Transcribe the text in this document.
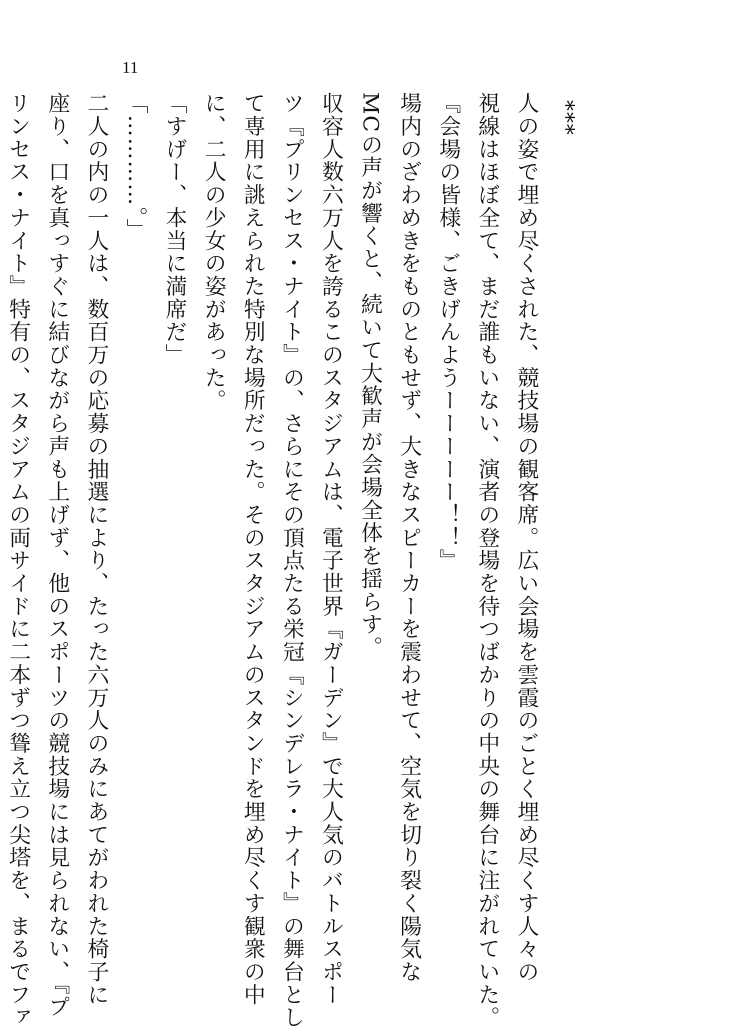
11

***

人の姿で埋め尽くされた、競技場の観客席。広い会場を雲霞のごとく埋め尽くす人々の

視線はほぼ全て、まだ誰もいない、演者の登場を待つばかりの中央の舞台に注がれていた。

『会場の皆様、ごきげんようーーーーー！！』

場内のざわめきをものともせず、大きなスピーカーを震わせて、空気を切り裂く陽気な

MCの声が響くと、続いて大歓声が会場全体を揺らす。

収容人数六万人を誇るこのスタジアムは、電子世界『ガーデン』で大人気のバトルスポー

ツ『プリンセス・ナイト』の、さらにその頂点たる栄冠『シンデレラ・ナイト』の舞台とし

て専用に誂えられた特別な場所だった。そのスタジアムのスタンドを埋め尽くす観衆の中

に、二人の少女の姿があった。

「すげー、本当に満席だ」

「…………。」

二人の内の一人は、数百万の応募の抽選により、たった六万人のみにあてがわれた椅子に

座り、口を真っすぐに結びながら声も上げず、他のスポーツの競技場には見られない、『プ

リンセス・ナイト』特有の、スタジアムの両サイドに二本ずつ聳え立つ尖塔を、まるでファ
